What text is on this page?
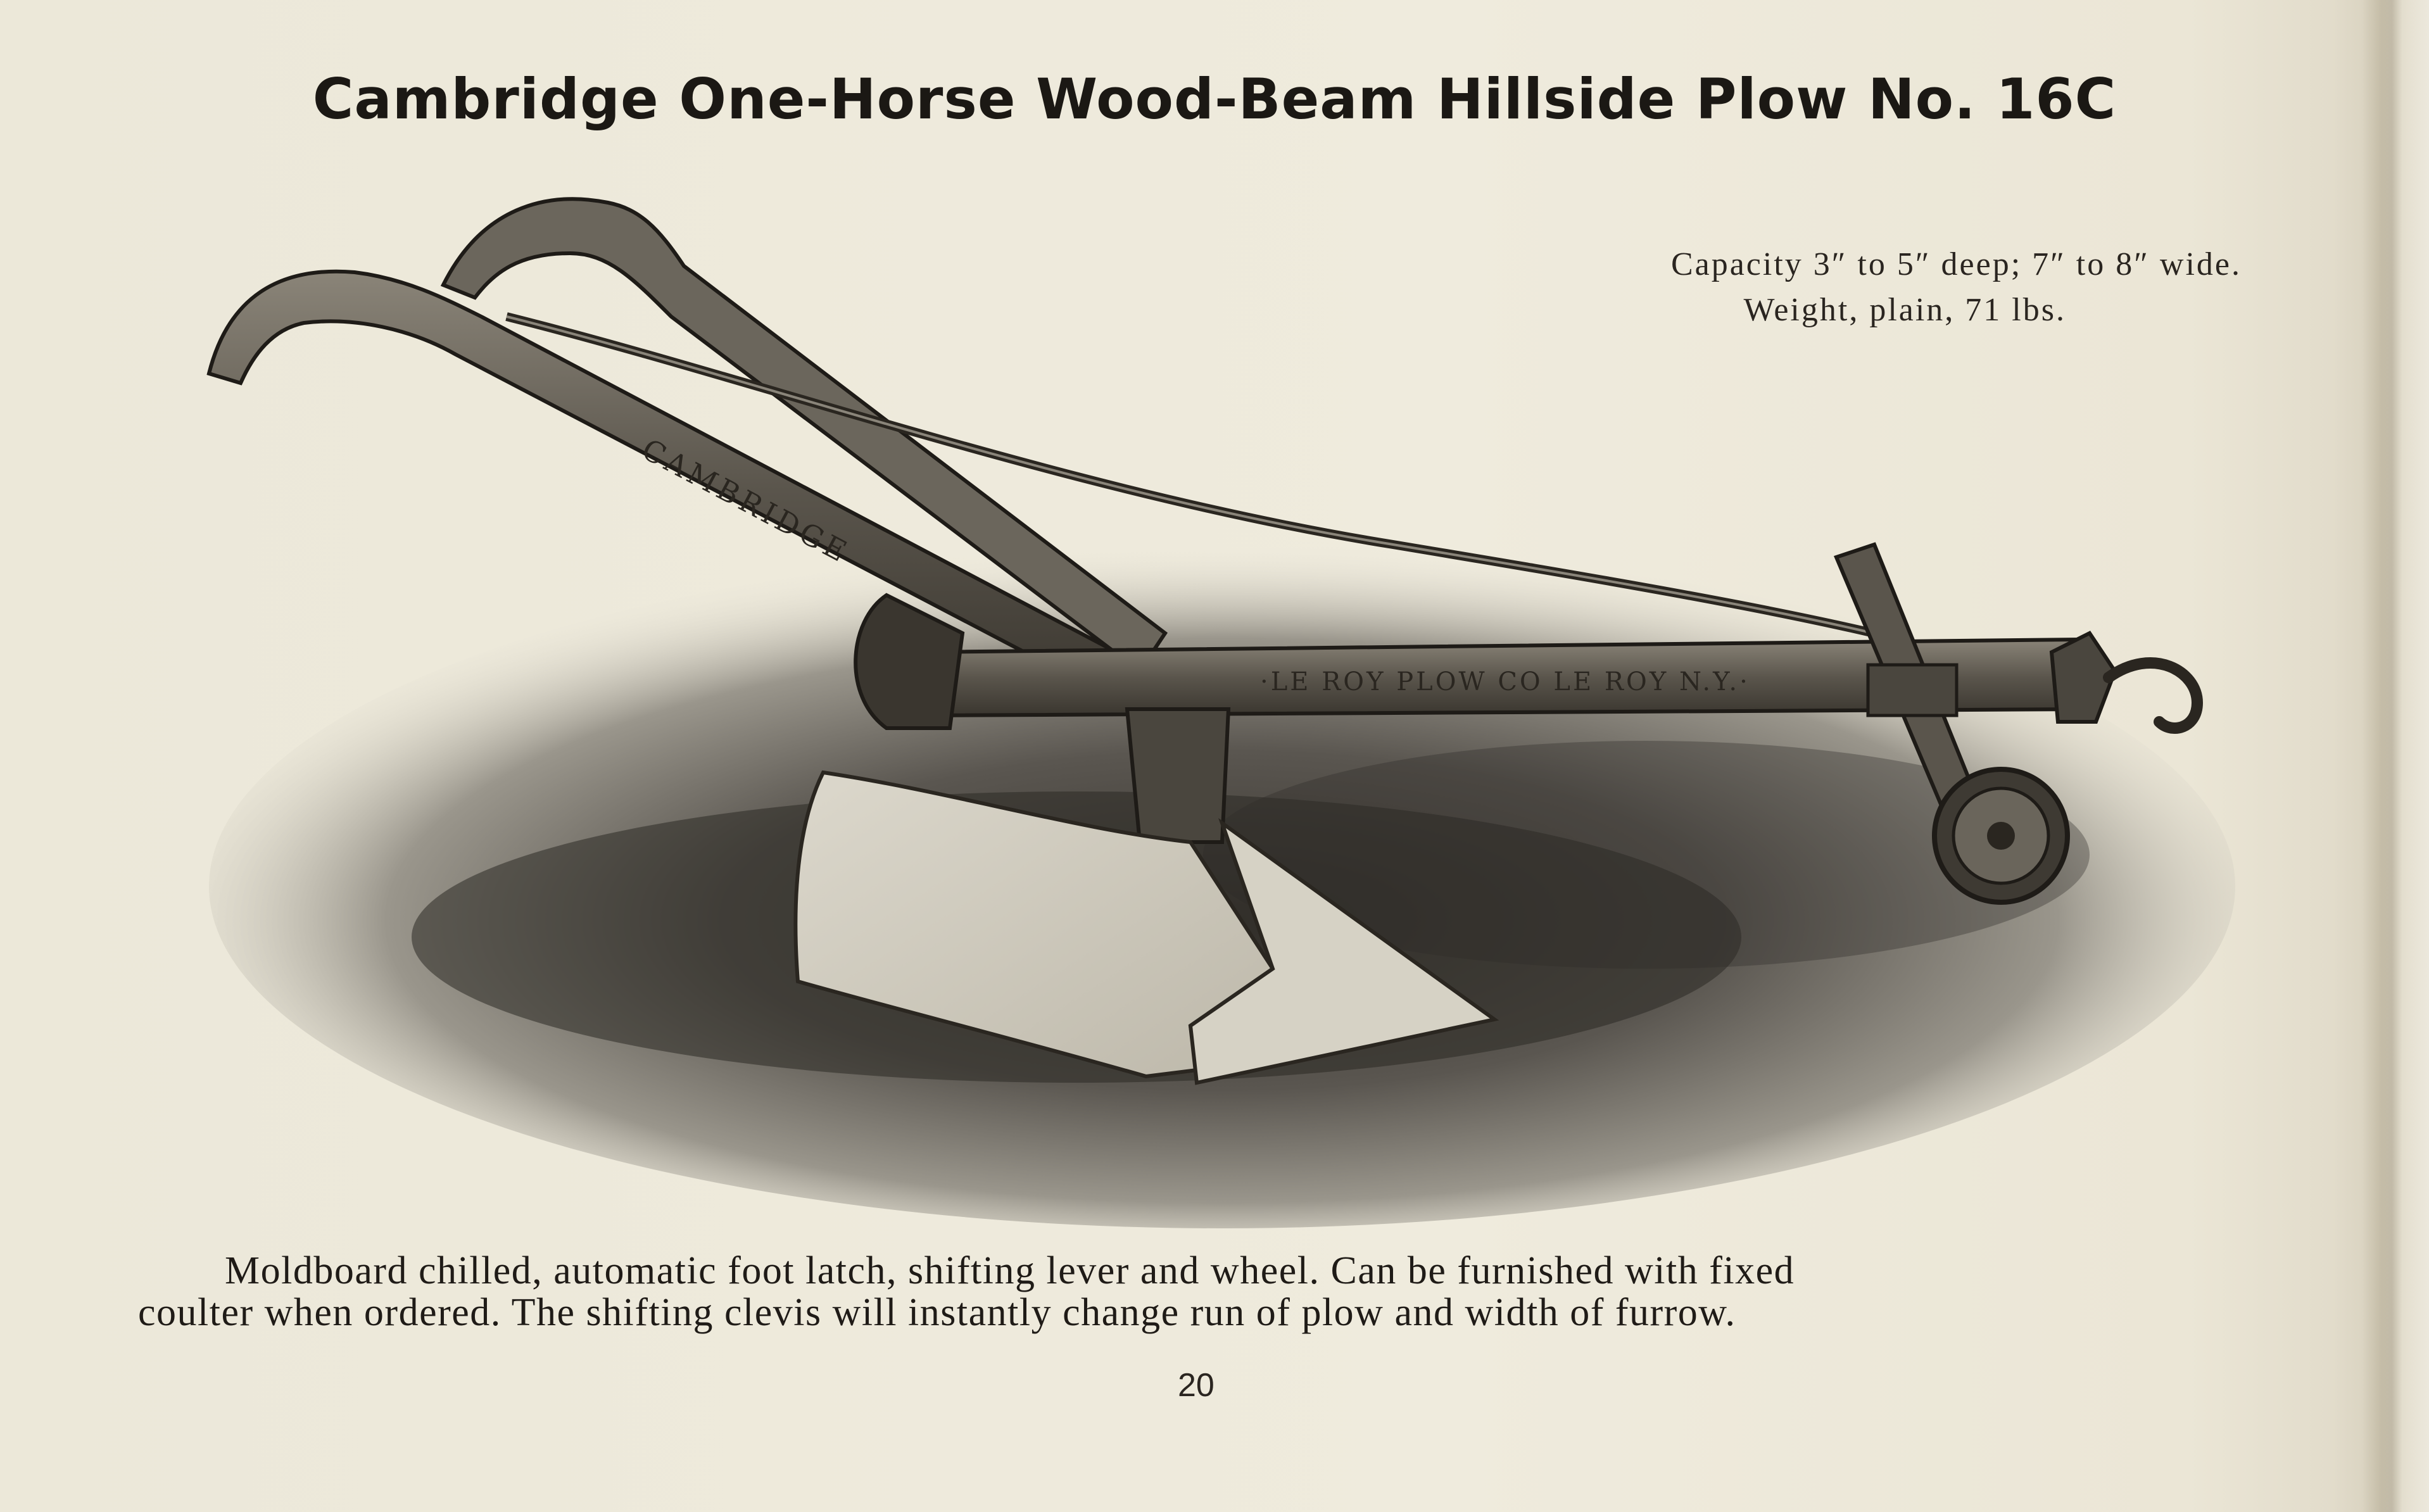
Cambridge One-Horse Wood-Beam Hillside Plow No. 16C
Capacity 3″ to 5″ deep; 7″ to 8″ wide.
Weight, plain, 71 lbs.
CAMBRIDGE
·LE ROY PLOW CO LE ROY N.Y.·
Moldboard chilled, automatic foot latch, shifting lever and wheel. Can be furnished with fixed
coulter when ordered. The shifting clevis will instantly change run of plow and width of furrow.
20
